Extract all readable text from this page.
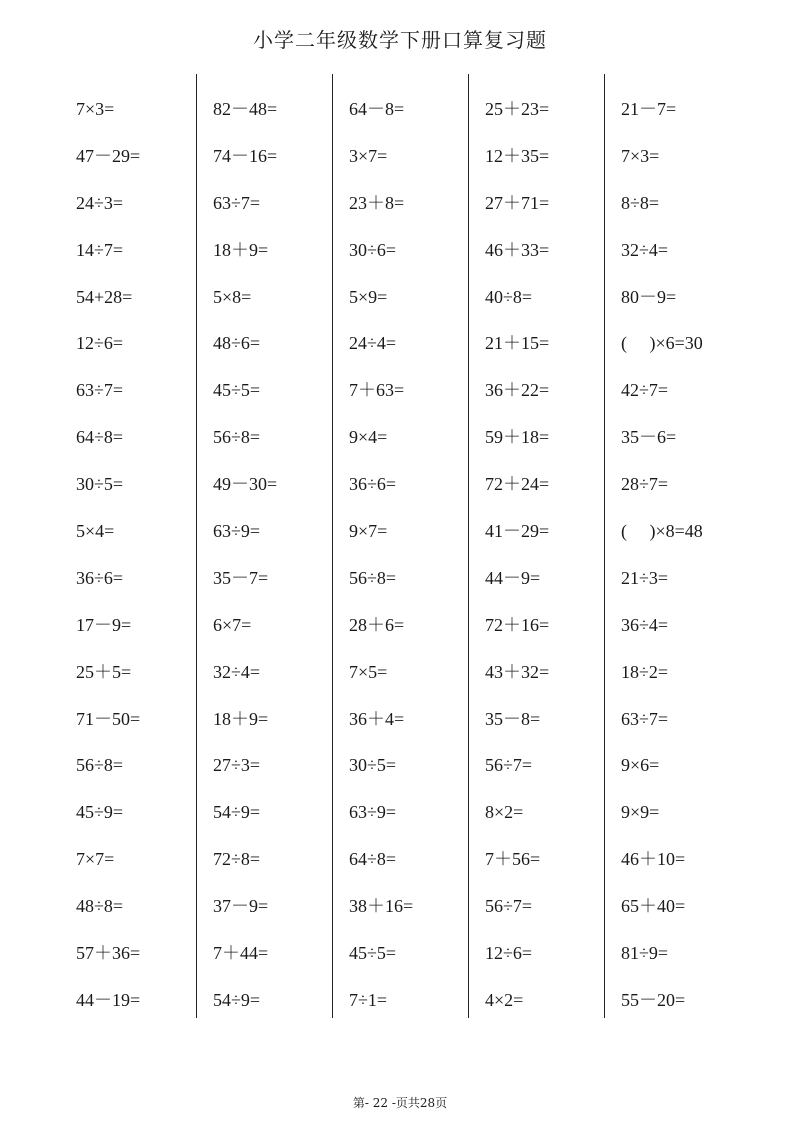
小学二年级数学下册口算复习题
7×3=
47－29=
24÷3=
14÷7=
54+28=
12÷6=
63÷7=
64÷8=
30÷5=
5×4=
36÷6=
17－9=
25＋5=
71－50=
56÷8=
45÷9=
7×7=
48÷8=
57＋36=
44－19=
82－48=
74－16=
63÷7=
18＋9=
5×8=
48÷6=
45÷5=
56÷8=
49－30=
63÷9=
35－7=
6×7=
32÷4=
18＋9=
27÷3=
54÷9=
72÷8=
37－9=
7＋44=
54÷9=
64－8=
3×7=
23＋8=
30÷6=
5×9=
24÷4=
7＋63=
9×4=
36÷6=
9×7=
56÷8=
28＋6=
7×5=
36＋4=
30÷5=
63÷9=
64÷8=
38＋16=
45÷5=
7÷1=
25＋23=
12＋35=
27＋71=
46＋33=
40÷8=
21＋15=
36＋22=
59＋18=
72＋24=
41－29=
44－9=
72＋16=
43＋32=
35－8=
56÷7=
8×2=
7＋56=
56÷7=
12÷6=
4×2=
21－7=
7×3=
8÷8=
32÷4=
80－9=
(　 )×6=30
42÷7=
35－6=
28÷7=
(　 )×8=48
21÷3=
36÷4=
18÷2=
63÷7=
9×6=
9×9=
46＋10=
65＋40=
81÷9=
55－20=
第- 22 -页共28页
